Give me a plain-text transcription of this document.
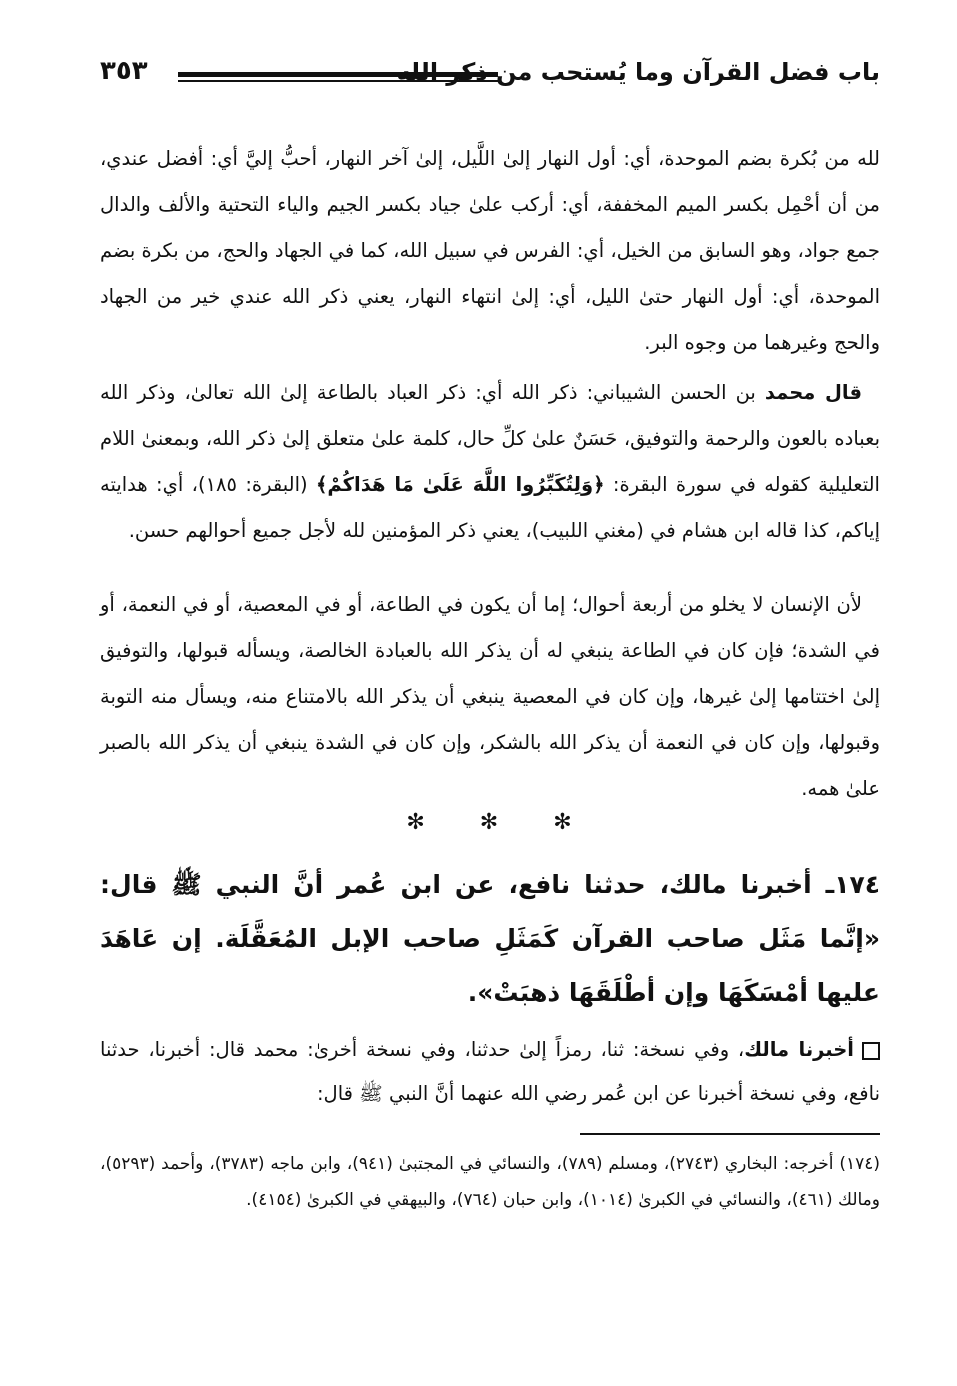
باب فضل القرآن وما يُستحب من ذكر الله
٣٥٣

لله من بُكرة بضم الموحدة، أي: أول النهار إلىٰ اللَّيل، إلىٰ آخر النهار، أحبُّ إليَّ أي: أفضل عندي، من أن أحْمِل بكسر الميم المخففة، أي: أركب علىٰ جياد بكسر الجيم والياء التحتية والألف والدال جمع جواد، وهو السابق من الخيل، أي: الفرس في سبيل الله، كما في الجهاد والحج، من بكرة بضم الموحدة، أي: أول النهار حتىٰ الليل، أي: إلىٰ انتهاء النهار، يعني ذكر الله عندي خير من الجهاد والحج وغيرهما من وجوه البر.

قال محمد بن الحسن الشيباني: ذكر الله أي: ذكر العباد بالطاعة إلىٰ الله تعالىٰ، وذكر الله بعباده بالعون والرحمة والتوفيق، حَسَنٌ علىٰ كلِّ حال، كلمة علىٰ متعلق إلىٰ ذكر الله، وبمعنىٰ اللام التعليلية كقوله في سورة البقرة: ﴿وَلِتُكَبِّرُوا اللَّهَ عَلَىٰ مَا هَدَاكُمْ﴾ (البقرة: ١٨٥)، أي: هدايته إياكم، كذا قاله ابن هشام في (مغني اللبيب)، يعني ذكر المؤمنين لله لأجل جميع أحوالهم حسن.

لأن الإنسان لا يخلو من أربعة أحوال؛ إما أن يكون في الطاعة، أو في المعصية، أو في النعمة، أو في الشدة؛ فإن كان في الطاعة ينبغي له أن يذكر الله بالعبادة الخالصة، ويسأله قبولها، والتوفيق إلىٰ اختتامها إلىٰ غيرها، وإن كان في المعصية ينبغي أن يذكر الله بالامتناع منه، ويسأل منه التوبة وقبولها، وإن كان في النعمة أن يذكر الله بالشكر، وإن كان في الشدة ينبغي أن يذكر الله بالصبر علىٰ همه.

✻ ✻ ✻

١٧٤ـ أخبرنا مالك، حدثنا نافع، عن ابن عُمر أنَّ النبي ﷺ قال: «إنَّما مَثَل صاحب القرآن كَمَثَلِ صاحب الإبل المُعَقَّلَة. إن عَاهَدَ عليها أمْسَكَهَا وإن أطْلَقَهَا ذهبَتْ».

أخبرنا مالك، وفي نسخة: ثنا، رمزاً إلىٰ حدثنا، وفي نسخة أخرىٰ: محمد قال: أخبرنا، حدثنا نافع، وفي نسخة أخبرنا عن ابن عُمر رضي الله عنهما أنَّ النبي ﷺ قال:

(١٧٤) أخرجه: البخاري (٢٧٤٣)، ومسلم (٧٨٩)، والنسائي في المجتبىٰ (٩٤١)، وابن ماجه (٣٧٨٣)، وأحمد (٥٢٩٣)، ومالك (٤٦١)، والنسائي في الكبرىٰ (١٠١٤)، وابن حبان (٧٦٤)، والبيهقي في الكبرىٰ (٤١٥٤).
